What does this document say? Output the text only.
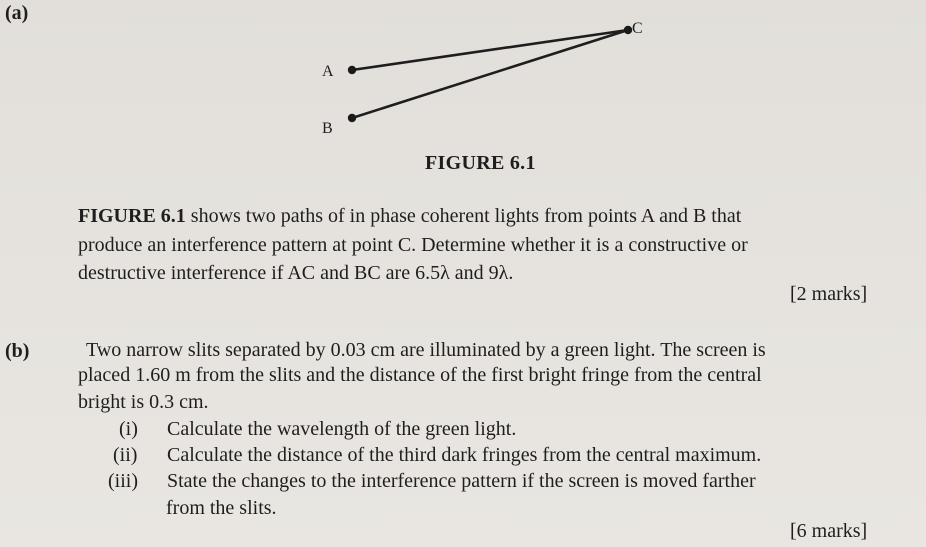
(a)
A
B
C
FIGURE 6.1
FIGURE 6.1 shows two paths of in phase coherent lights from points A and B that
produce an interference pattern at point C. Determine whether it is a constructive or
destructive interference if AC and BC are 6.5λ and 9λ.
[2 marks]
(b)	Two narrow slits separated by 0.03 cm are illuminated by a green light. The screen is
placed 1.60 m from the slits and the distance of the first bright fringe from the central
bright is 0.3 cm.
(i) Calculate the wavelength of the green light.
(ii) Calculate the distance of the third dark fringes from the central maximum.
(iii) State the changes to the interference pattern if the screen is moved farther
from the slits.
[6 marks]
